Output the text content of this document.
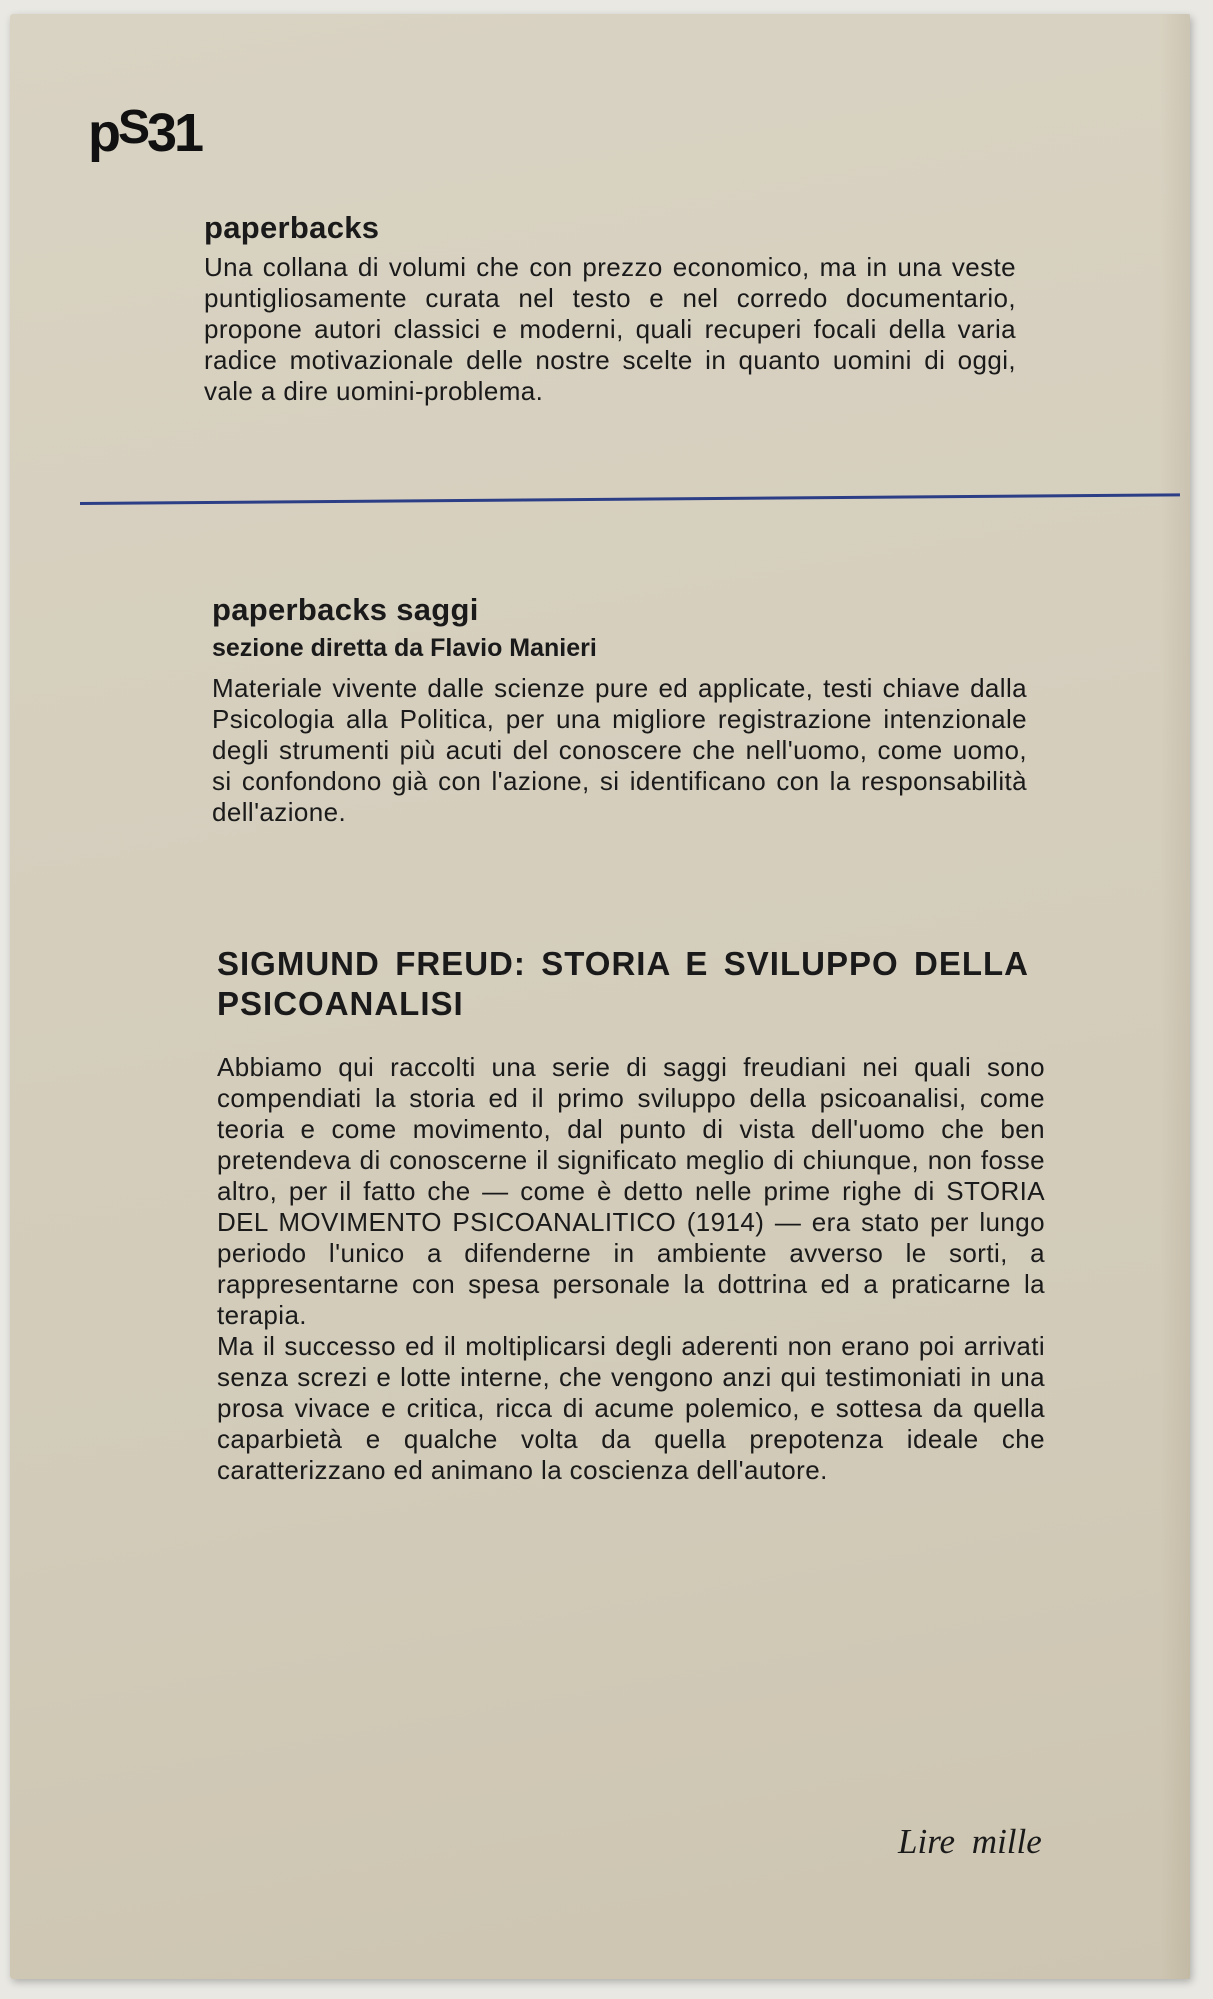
pS31
paperbacks

Una collana di volumi che con prezzo economico, ma in una veste puntigliosamente curata nel testo e nel corredo documentario, propone autori classici e moderni, quali recuperi focali della varia radice motivazionale delle nostre scelte in quanto uomini di oggi, vale a dire uomini-problema.

paperbacks saggi
sezione diretta da Flavio Manieri

Materiale vivente dalle scienze pure ed applicate, testi chiave dalla Psicologia alla Politica, per una migliore registrazione intenzionale degli strumenti più acuti del conoscere che nell'uomo, come uomo, si confondono già con l'azione, si identificano con la responsabilità dell'azione.

SIGMUND FREUD: STORIA E SVILUPPO DELLA PSICOANALISI

Abbiamo qui raccolti una serie di saggi freudiani nei quali sono compendiati la storia ed il primo sviluppo della psicoanalisi, come teoria e come movimento, dal punto di vista dell'uomo che ben pretendeva di conoscerne il significato meglio di chiunque, non fosse altro, per il fatto che — come è detto nelle prime righe di STORIA DEL MOVIMENTO PSICOANALITICO (1914) — era stato per lungo periodo l'unico a difenderne in ambiente avverso le sorti, a rappresentarne con spesa personale la dottrina ed a praticarne la terapia.

Ma il successo ed il moltiplicarsi degli aderenti non erano poi arrivati senza screzi e lotte interne, che vengono anzi qui testimoniati in una prosa vivace e critica, ricca di acume polemico, e sottesa da quella caparbietà e qualche volta da quella prepotenza ideale che caratterizzano ed animano la coscienza dell'autore.

Lire mille
